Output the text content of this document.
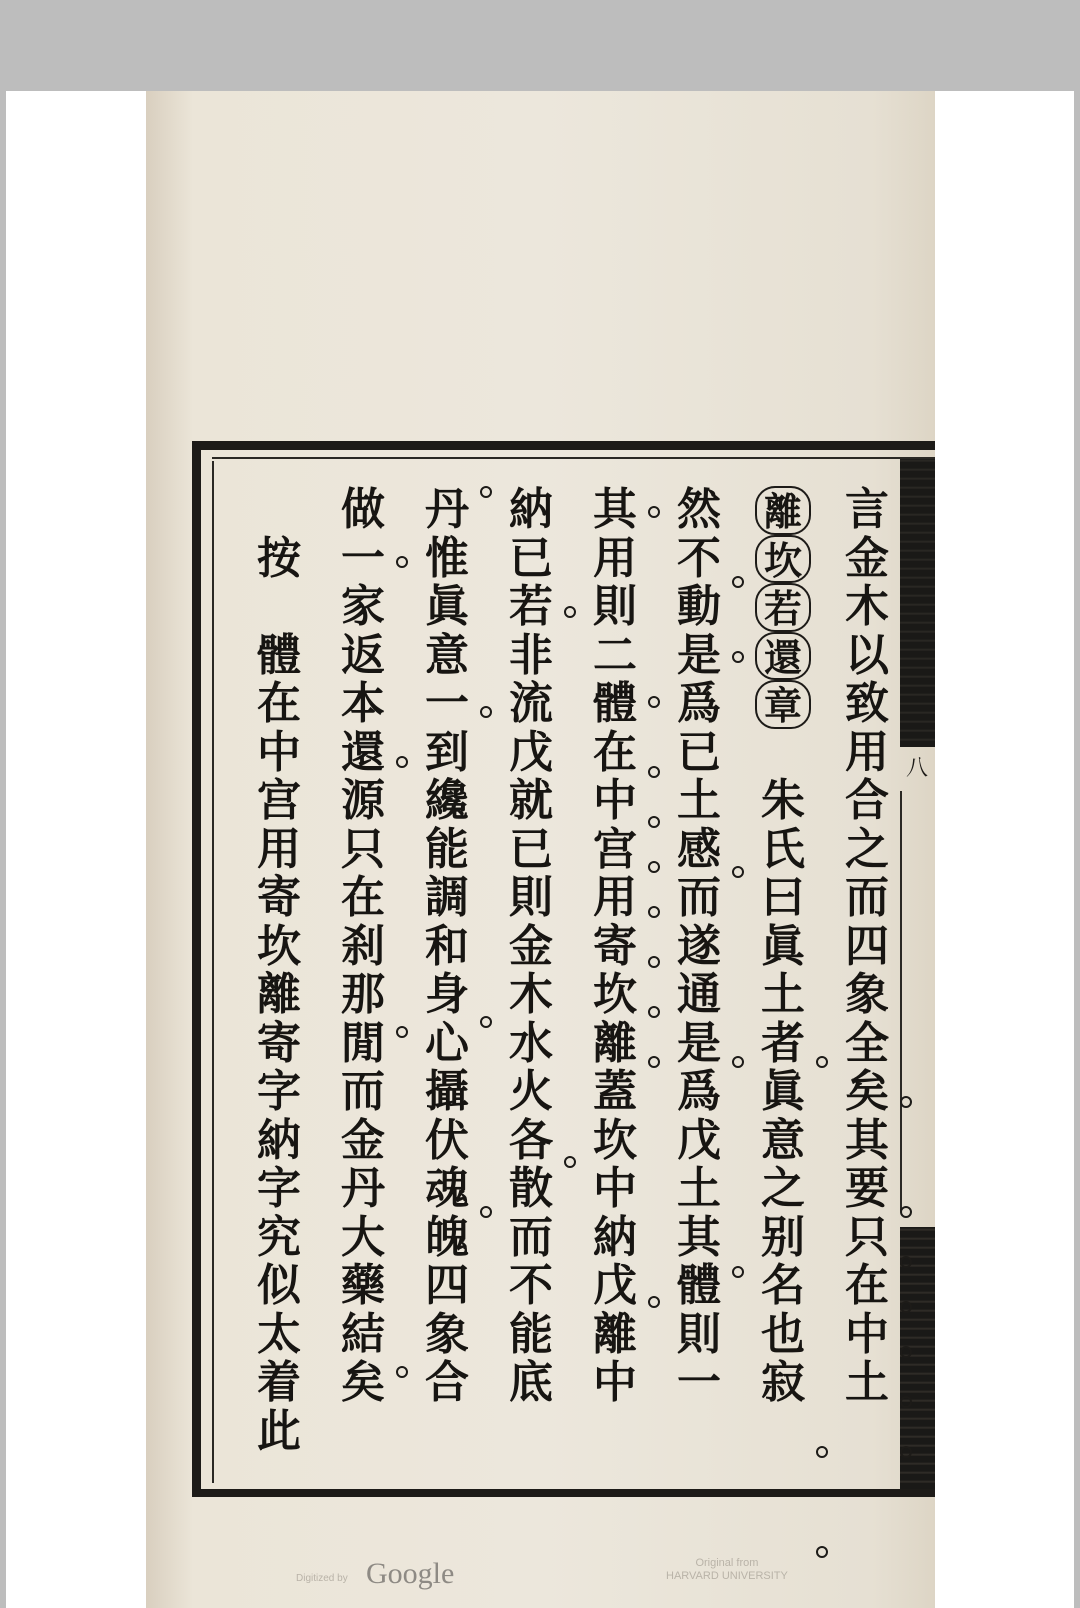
言
金
木
以
致
用
合
之
而
四
象
全
矣
其
要
只
在
中
土
離
坎
若
還
章

朱
氏
曰
眞
土
者
眞
意
之
别
名
也
寂
然
不
動
是
爲
已
土
感
而
遂
通
是
爲
戊
土
其
體
則
一
其
用
則
二
體
在
中
宫
用
寄
坎
離
蓋
坎
中
納
戊
離
中
納
已
若
非
流
戊
就
已
則
金
木
水
火
各
散
而
不
能
底
丹
惟
眞
意
一
到
纔
能
調
和
身
心
攝
伏
魂
魄
四
象
合
做
一
家
返
本
還
源
只
在
刹
那
閒
而
金
丹
大
藥
結
矣

按

體
在
中
宫
用
寄
坎
離
寄
字
納
字
究
似
太
着
此
八
Digitized by Google	Original from
HARVARD UNIVERSITY
